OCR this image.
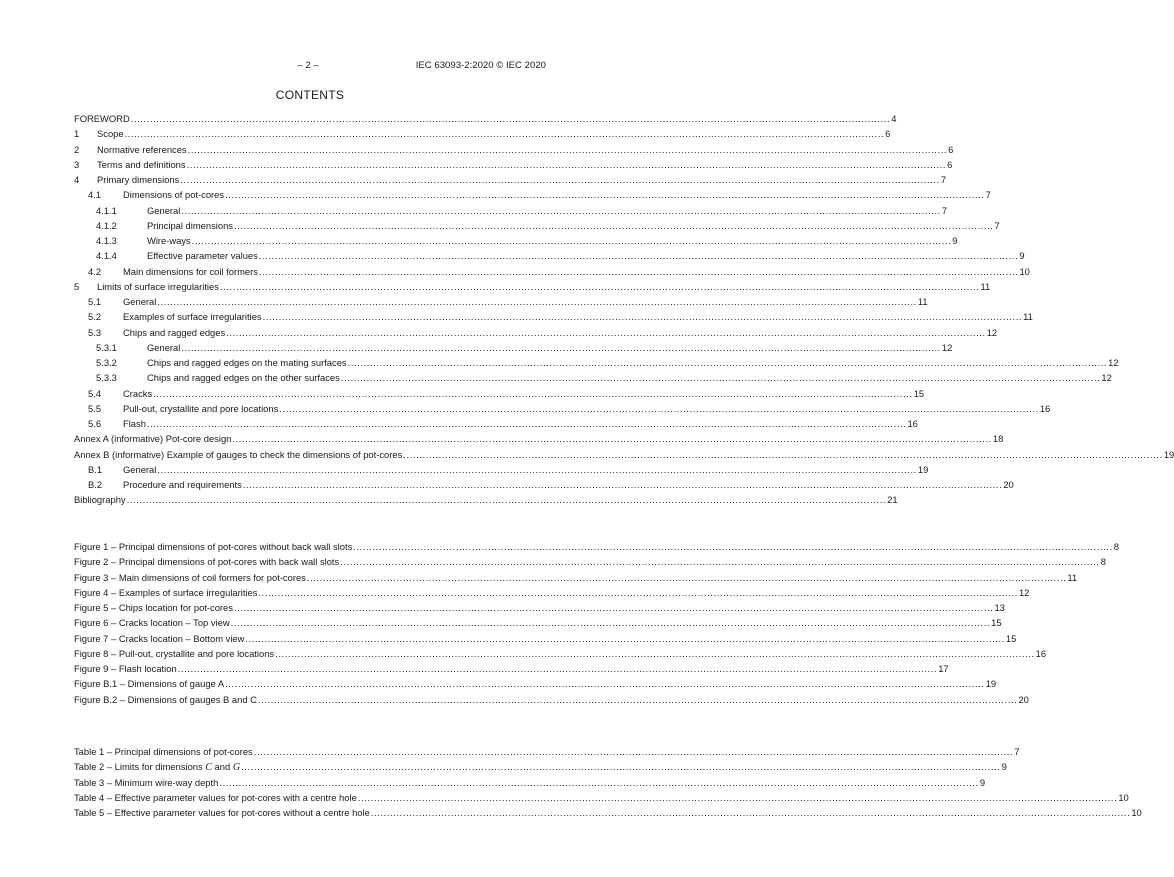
– 2 –	IEC 63093-2:2020 © IEC 2020
CONTENTS
FOREWORD .....	4
1	Scope .....	6
2	Normative references .....	6
3	Terms and definitions .....	6
4	Primary dimensions .....	7
4.1	Dimensions of pot-cores .....	7
4.1.1	General .....	7
4.1.2	Principal dimensions .....	7
4.1.3	Wire-ways .....	9
4.1.4	Effective parameter values .....	9
4.2	Main dimensions for coil formers .....	10
5	Limits of surface irregularities .....	11
5.1	General .....	11
5.2	Examples of surface irregularities .....	11
5.3	Chips and ragged edges .....	12
5.3.1	General .....	12
5.3.2	Chips and ragged edges on the mating surfaces .....	12
5.3.3	Chips and ragged edges on the other surfaces .....	12
5.4	Cracks .....	15
5.5	Pull-out, crystallite and pore locations .....	16
5.6	Flash .....	16
Annex A (informative) Pot-core design .....	18
Annex B (informative) Example of gauges to check the dimensions of pot-cores .....	19
B.1	General .....	19
B.2	Procedure and requirements .....	20
Bibliography .....	21
Figure 1 – Principal dimensions of pot-cores without back wall slots .....	8
Figure 2 – Principal dimensions of pot-cores with back wall slots .....	8
Figure 3 – Main dimensions of coil formers for pot-cores .....	11
Figure 4 – Examples of surface irregularities .....	12
Figure 5 – Chips location for pot-cores .....	13
Figure 6 – Cracks location – Top view .....	15
Figure 7 – Cracks location – Bottom view .....	15
Figure 8 – Pull-out, crystallite and pore locations .....	16
Figure 9 – Flash location .....	17
Figure B.1 – Dimensions of gauge A .....	19
Figure B.2 – Dimensions of gauges B and C .....	20
Table 1 – Principal dimensions of pot-cores .....	7
Table 2 – Limits for dimensions C and G .....	9
Table 3 – Minimum wire-way depth .....	9
Table 4 – Effective parameter values for pot-cores with a centre hole .....	10
Table 5 – Effective parameter values for pot-cores without a centre hole .....	10
